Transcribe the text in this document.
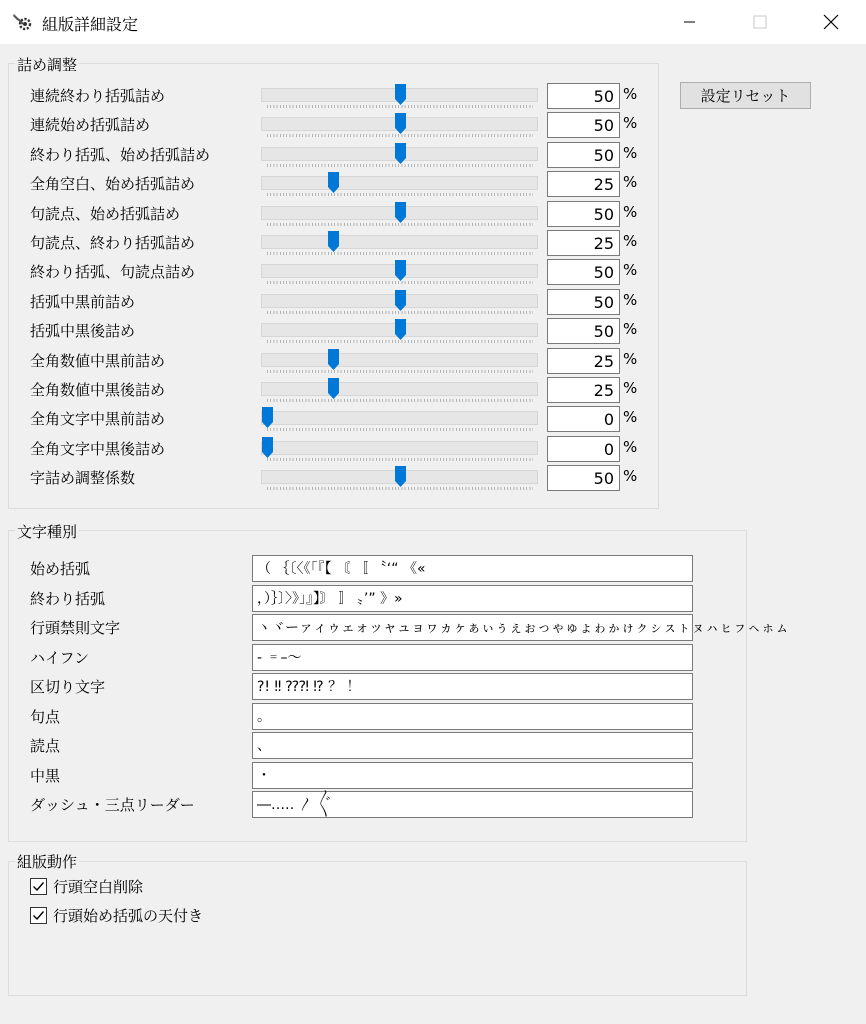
組版詳細設定
詰め調整
連続終わり括弧詰め	50 %
連続始め括弧詰め	50 %
終わり括弧、始め括弧詰め	50 %
全角空白、始め括弧詰め	25 %
句読点、始め括弧詰め	50 %
句読点、終わり括弧詰め	25 %
終わり括弧、句読点詰め	50 %
括弧中黒前詰め	50 %
括弧中黒後詰め	50 %
全角数値中黒前詰め	25 %
全角数値中黒後詰め	25 %
全角文字中黒前詰め	0 %
全角文字中黒後詰め	0 %
字詰め調整係数	50 %
設定リセット
文字種別
始め括弧	（ ｛〔〈《「『【 〘 〚 〝‘“ 《«
終わり括弧	，）｝〕〉》」』】〙 〛 〟’” 》»
行頭禁則文字	ヽヾーァィゥェォッャュョヮヵヶぁぃぅぇぉっゃゅょゎゕゖㇰㇱㇲㇳㇴㇵㇶㇷㇸㇹㇺ
ハイフン	‐ ゠–〜
区切り文字	?! ‼ ⁇⁈ ⁉ ？ ！
句点	。
読点	、
中黒	・
ダッシュ・三点リーダー	―…‥ 〳 〴〵
組版動作
行頭空白削除
行頭始め括弧の天付き
